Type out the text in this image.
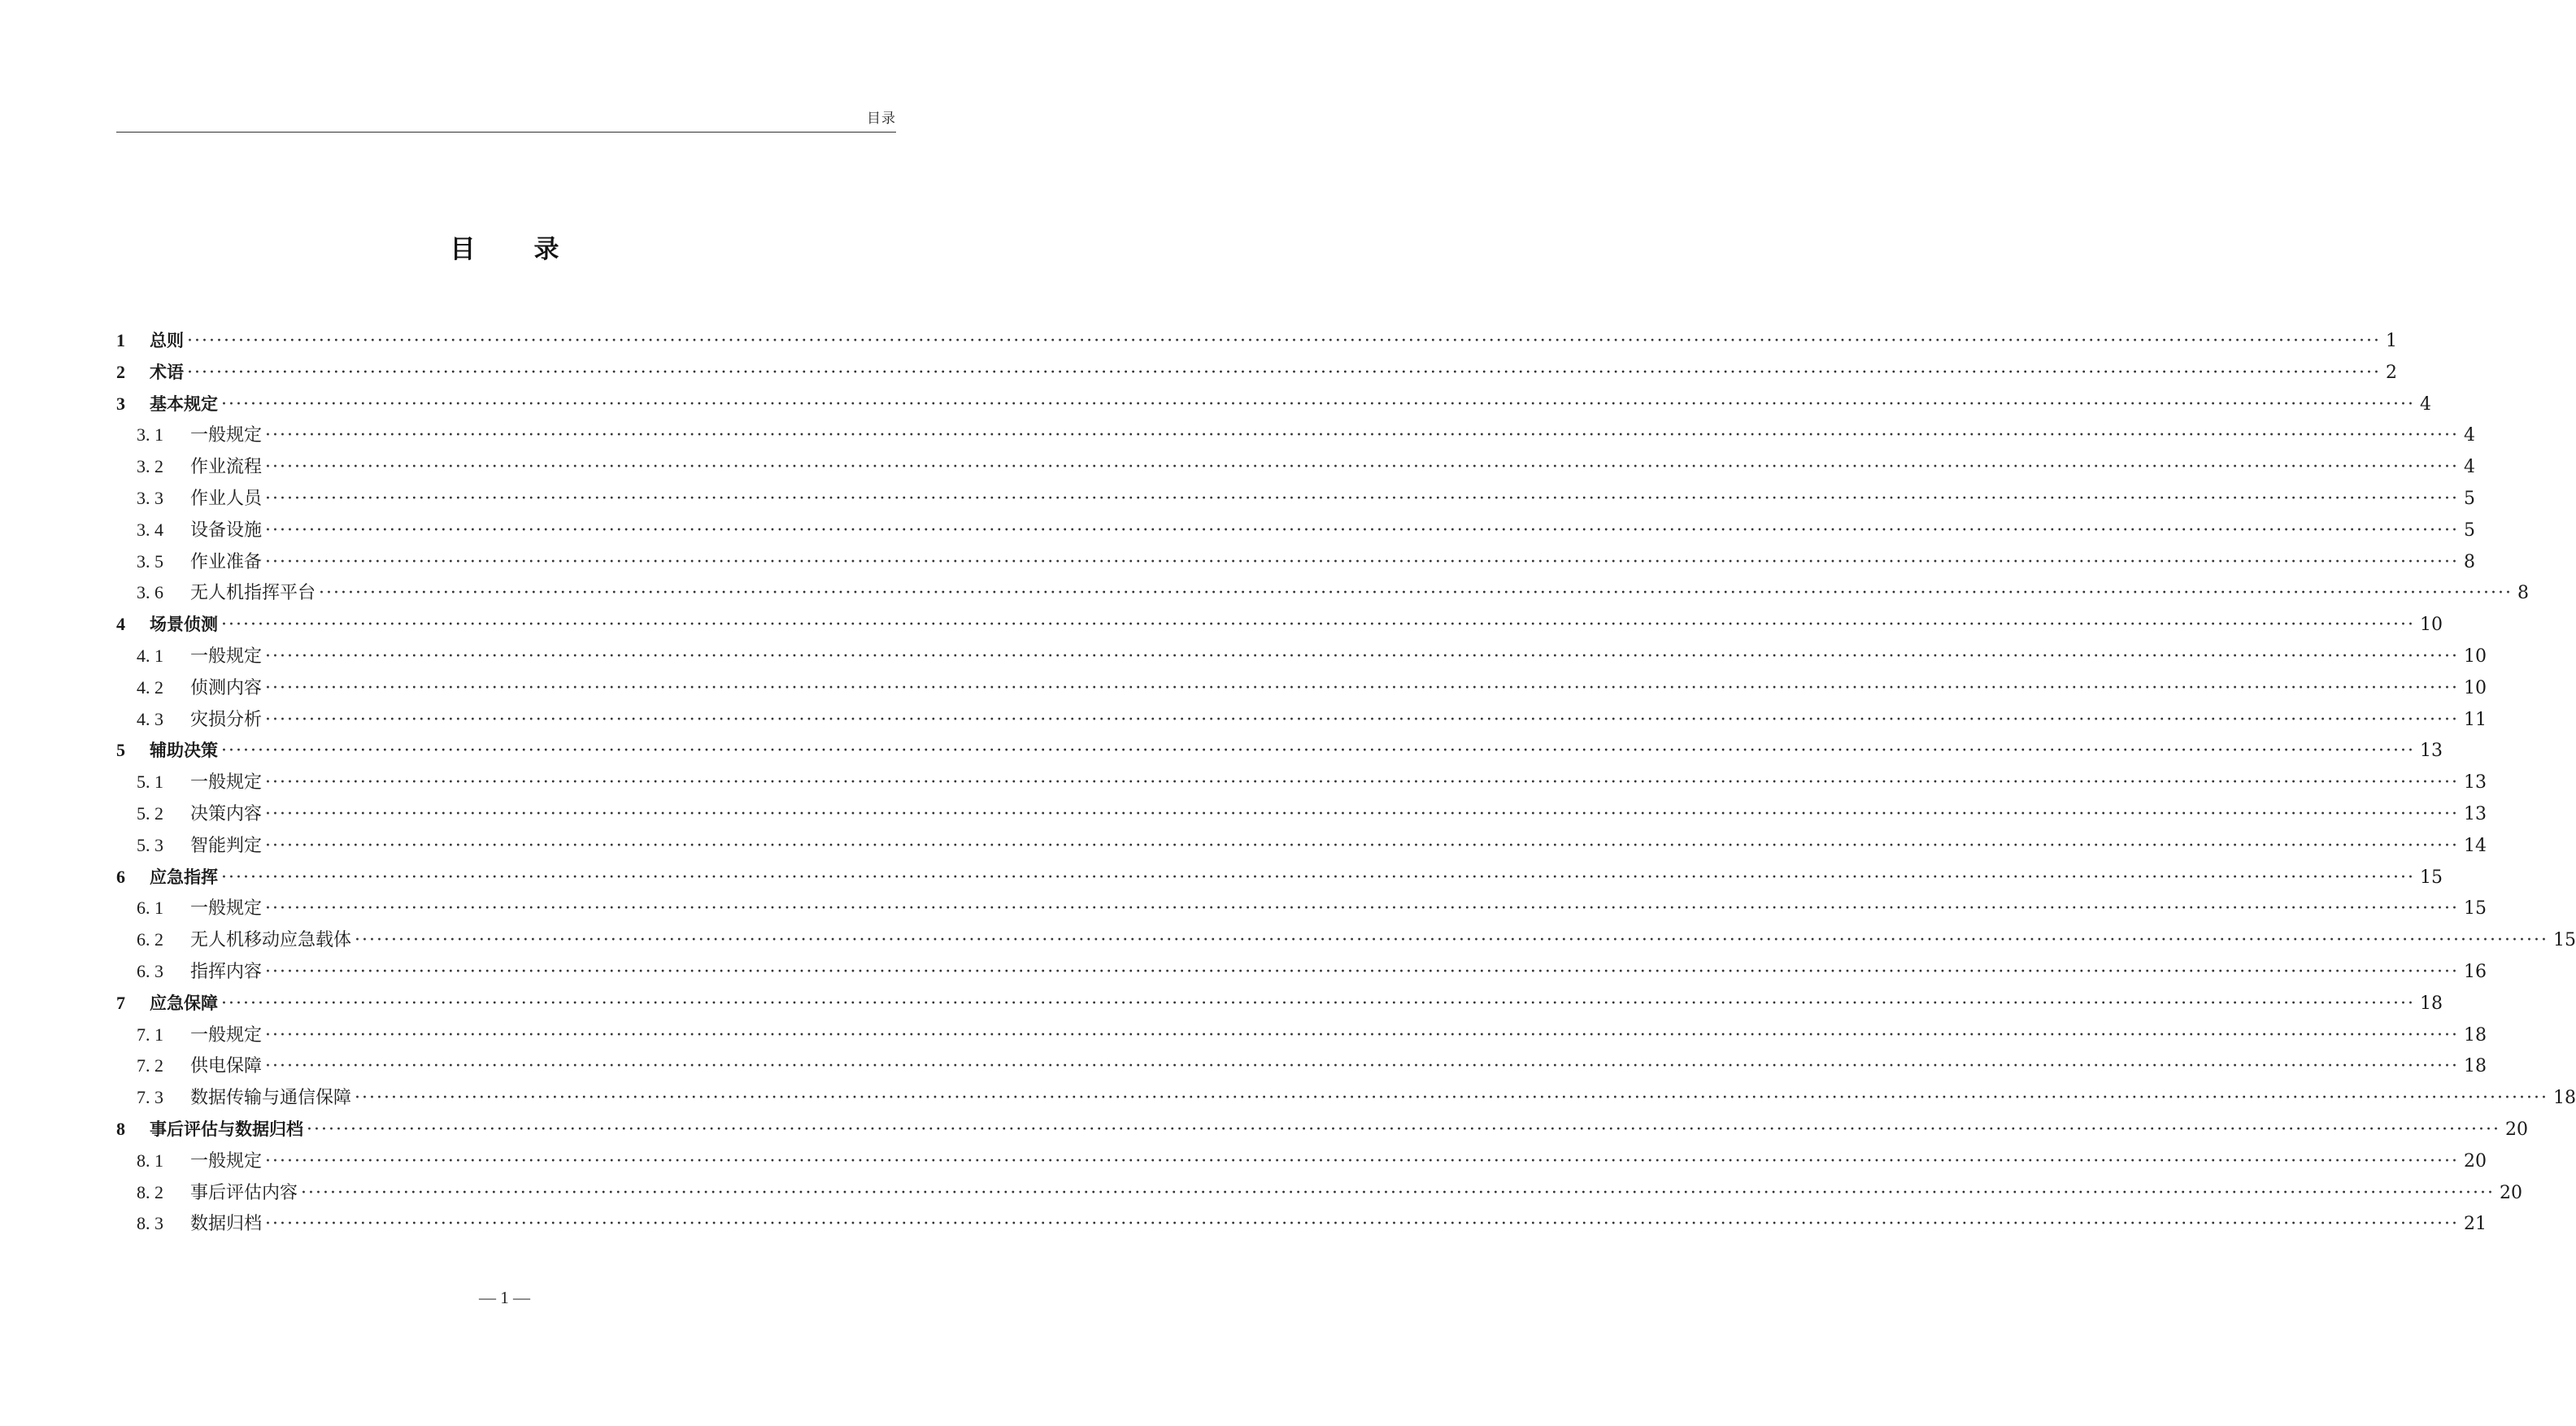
目录
目 录
1	总则 ············································································································································································································································································································ 1
2	术语 ············································································································································································································································································································ 2
3	基本规定 ············································································································································································································································································································ 4
3. 1	一般规定 ············································································································································································································································································································ 4
3. 2	作业流程 ············································································································································································································································································································ 4
3. 3	作业人员 ············································································································································································································································································································ 5
3. 4	设备设施 ············································································································································································································································································································ 5
3. 5	作业准备 ············································································································································································································································································································ 8
3. 6	无人机指挥平台 ············································································································································································································································································································ 8
4	场景侦测 ············································································································································································································································································································ 10
4. 1	一般规定 ············································································································································································································································································································ 10
4. 2	侦测内容 ············································································································································································································································································································ 10
4. 3	灾损分析 ············································································································································································································································································································ 11
5	辅助决策 ············································································································································································································································································································ 13
5. 1	一般规定 ············································································································································································································································································································ 13
5. 2	决策内容 ············································································································································································································································································································ 13
5. 3	智能判定 ············································································································································································································································································································ 14
6	应急指挥 ············································································································································································································································································································ 15
6. 1	一般规定 ············································································································································································································································································································ 15
6. 2	无人机移动应急载体 ············································································································································································································································································································ 15
6. 3	指挥内容 ············································································································································································································································································································ 16
7	应急保障 ············································································································································································································································································································ 18
7. 1	一般规定 ············································································································································································································································································································ 18
7. 2	供电保障 ············································································································································································································································································································ 18
7. 3	数据传输与通信保障 ············································································································································································································································································································ 18
8	事后评估与数据归档 ············································································································································································································································································································ 20
8. 1	一般规定 ············································································································································································································································································································ 20
8. 2	事后评估内容 ············································································································································································································································································································ 20
8. 3	数据归档 ············································································································································································································································································································ 21
— 1 —
